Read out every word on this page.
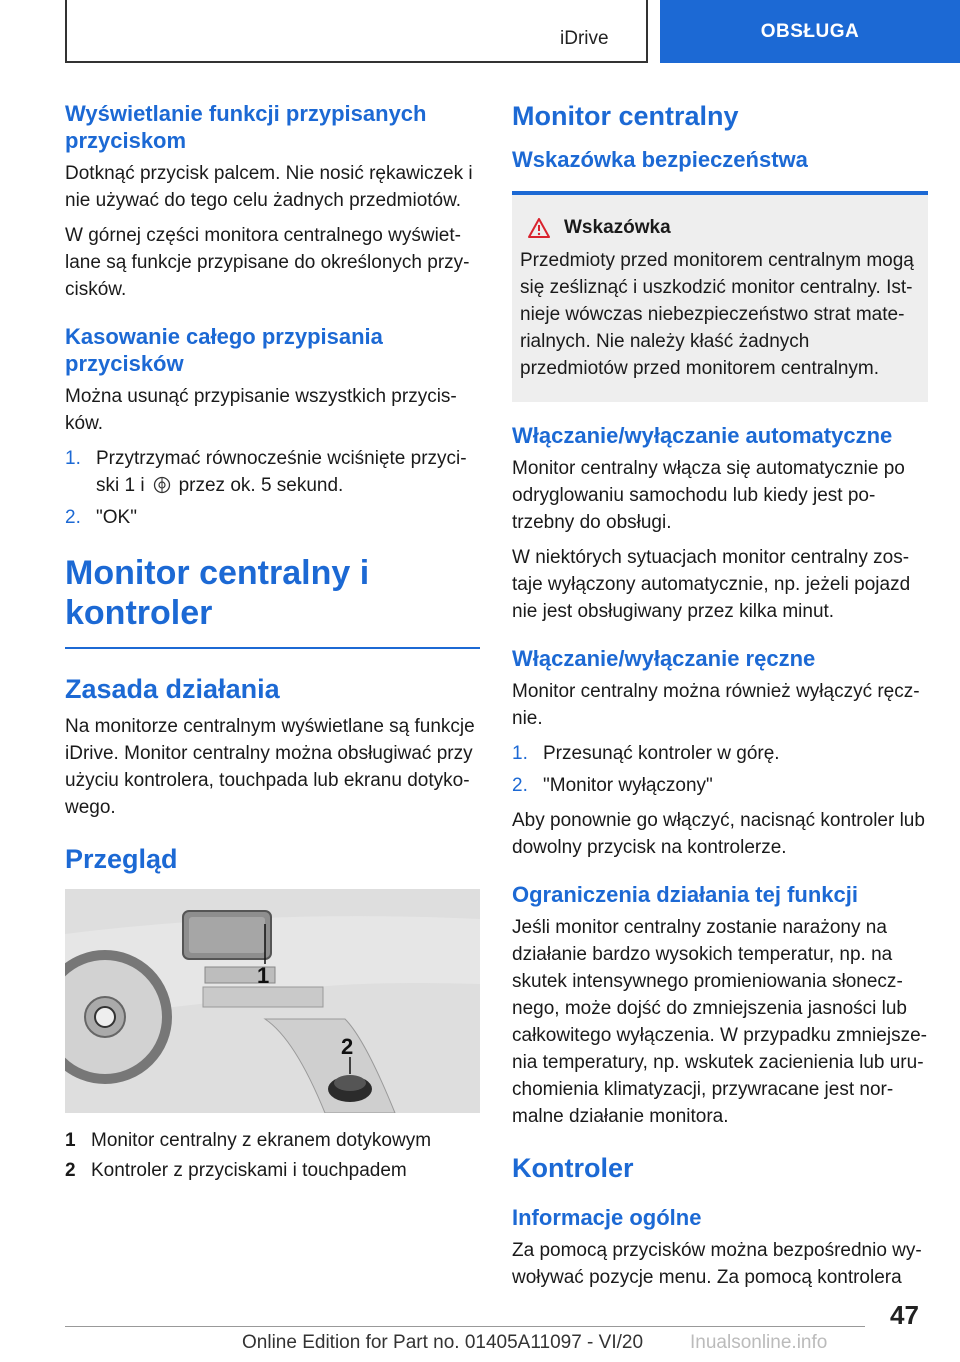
iDrive	OBSŁUGA
Wyświetlanie funkcji przypisanych przyciskom

Dotknąć przycisk palcem. Nie nosić rękawiczek i nie używać do tego celu żadnych przedmiotów.

W górnej części monitora centralnego wyświetlane są funkcje przypisane do określonych przycisków.

Kasowanie całego przypisania przycisków

Można usunąć przypisanie wszystkich przycisków.

1. Przytrzymać równocześnie wciśnięte przyciski 1 i przez ok. 5 sekund.
2. "OK"
Monitor centralny i kontroler
Zasada działania

Na monitorze centralnym wyświetlane są funkcje iDrive. Monitor centralny można obsługiwać przy użyciu kontrolera, touchpada lub ekranu dotykowego.

Przegląd
1
2
1 Monitor centralny z ekranem dotykowym
2 Kontroler z przyciskami i touchpadem
Monitor centralny
Wskazówka bezpieczeństwa
Wskazówka

Przedmioty przed monitorem centralnym mogą się ześliznąć i uszkodzić monitor centralny. Istnieje wówczas niebezpieczeństwo strat materialnych. Nie należy kłaść żadnych przedmiotów przed monitorem centralnym.

Włączanie/wyłączanie automatyczne

Monitor centralny włącza się automatycznie po odryglowaniu samochodu lub kiedy jest potrzebny do obsługi.

W niektórych sytuacjach monitor centralny zostaje wyłączony automatycznie, np. jeżeli pojazd nie jest obsługiwany przez kilka minut.

Włączanie/wyłączanie ręczne

Monitor centralny można również wyłączyć ręcznie.

1. Przesunąć kontroler w górę.
2. "Monitor wyłączony"

Aby ponownie go włączyć, nacisnąć kontroler lub dowolny przycisk na kontrolerze.

Ograniczenia działania tej funkcji

Jeśli monitor centralny zostanie narażony na działanie bardzo wysokich temperatur, np. na skutek intensywnego promieniowania słonecznego, może dojść do zmniejszenia jasności lub całkowitego wyłączenia. W przypadku zmniejszenia temperatury, np. wskutek zacienienia lub uruchomienia klimatyzacji, przywracane jest normalne działanie monitora.

Kontroler
Informacje ogólne

Za pomocą przycisków można bezpośrednio wywoływać pozycje menu. Za pomocą kontrolera

47
Online Edition for Part no. 01405A11097 - VI/20 Inualsonline.info
